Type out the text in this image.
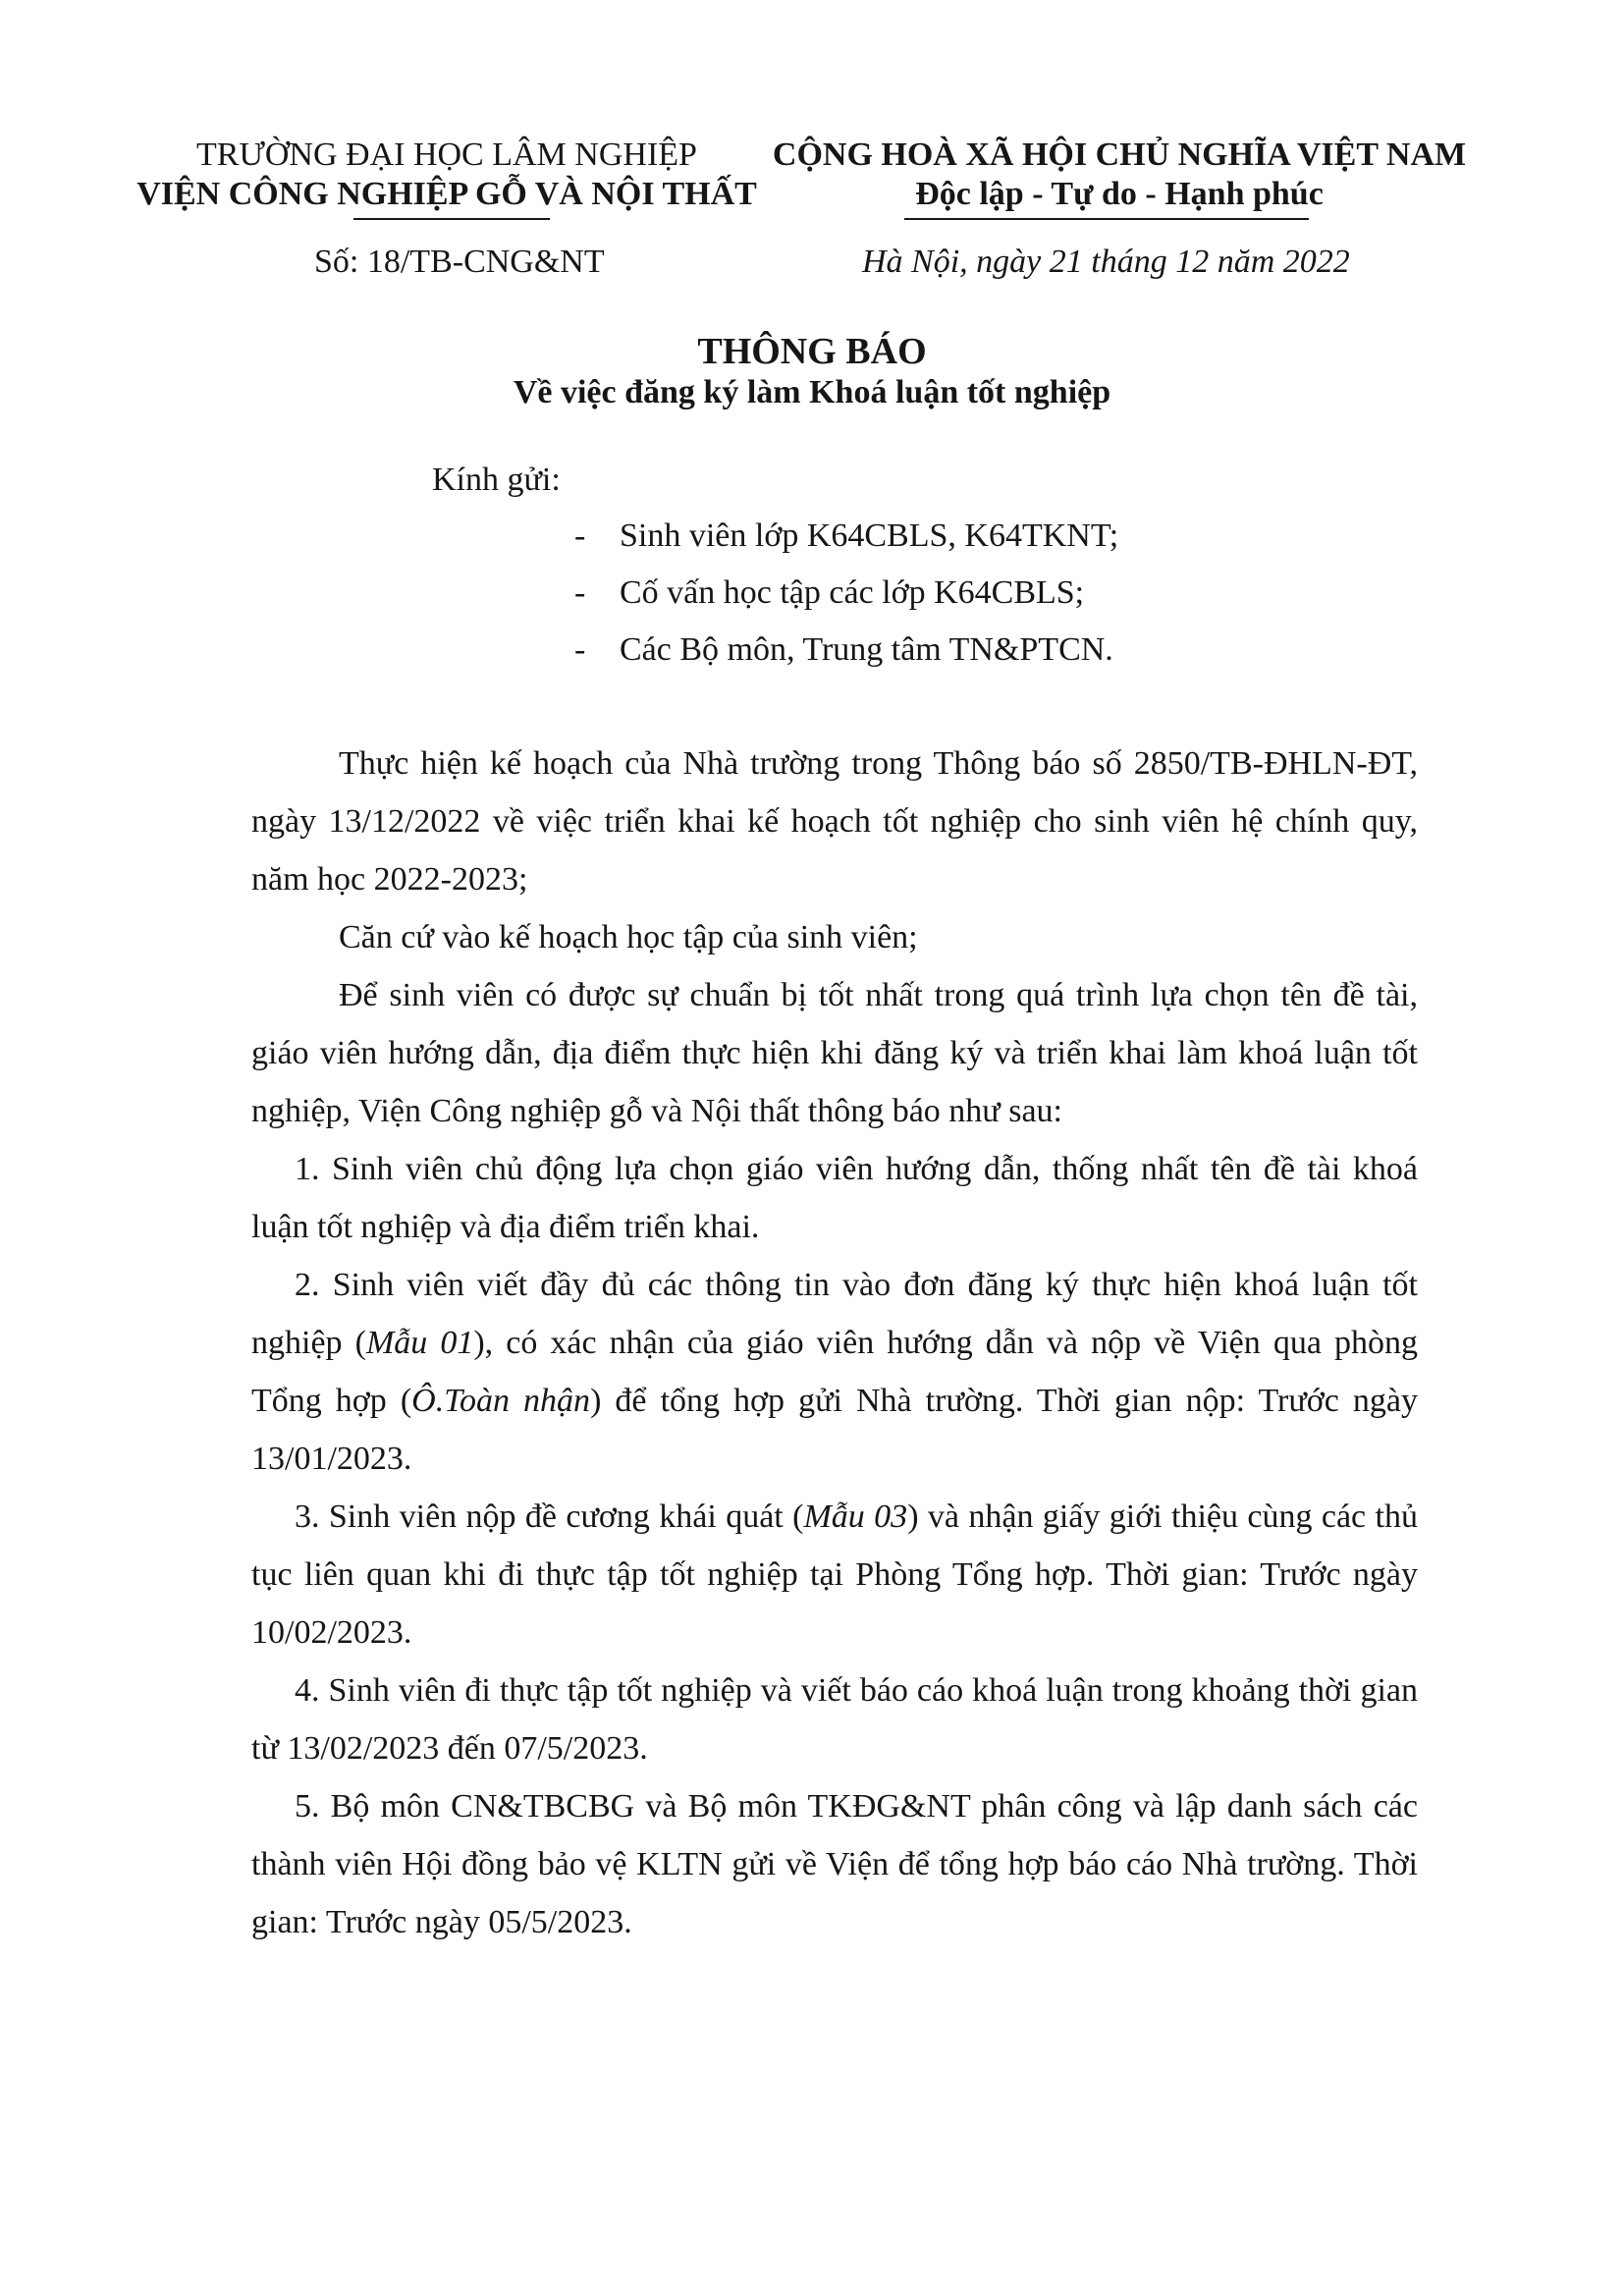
TRƯỜNG ĐẠI HỌC LÂM NGHIỆP
VIỆN CÔNG NGHIỆP GỖ VÀ NỘI THẤT
CỘNG HOÀ XÃ HỘI CHỦ NGHĨA VIỆT NAM
Độc lập - Tự do - Hạnh phúc
Số: 18/TB-CNG&NT	Hà Nội, ngày 21 tháng 12 năm 2022
THÔNG BÁO
Về việc đăng ký làm Khoá luận tốt nghiệp
Kính gửi:
- Sinh viên lớp K64CBLS, K64TKNT;
- Cố vấn học tập các lớp K64CBLS;
- Các Bộ môn, Trung tâm TN&PTCN.
Thực hiện kế hoạch của Nhà trường trong Thông báo số 2850/TB-ĐHLN-ĐT,
ngày 13/12/2022 về việc triển khai kế hoạch tốt nghiệp cho sinh viên hệ chính quy,
năm học 2022-2023;
Căn cứ vào kế hoạch học tập của sinh viên;
Để sinh viên có được sự chuẩn bị tốt nhất trong quá trình lựa chọn tên đề tài,
giáo viên hướng dẫn, địa điểm thực hiện khi đăng ký và triển khai làm khoá luận tốt
nghiệp, Viện Công nghiệp gỗ và Nội thất thông báo như sau:
1. Sinh viên chủ động lựa chọn giáo viên hướng dẫn, thống nhất tên đề tài khoá
luận tốt nghiệp và địa điểm triển khai.
2. Sinh viên viết đầy đủ các thông tin vào đơn đăng ký thực hiện khoá luận tốt
nghiệp (Mẫu 01), có xác nhận của giáo viên hướng dẫn và nộp về Viện qua phòng
Tổng hợp (Ô.Toàn nhận) để tổng hợp gửi Nhà trường. Thời gian nộp: Trước ngày
13/01/2023.
3. Sinh viên nộp đề cương khái quát (Mẫu 03) và nhận giấy giới thiệu cùng các thủ
tục liên quan khi đi thực tập tốt nghiệp tại Phòng Tổng hợp. Thời gian: Trước ngày
10/02/2023.
4. Sinh viên đi thực tập tốt nghiệp và viết báo cáo khoá luận trong khoảng thời gian
từ 13/02/2023 đến 07/5/2023.
5. Bộ môn CN&TBCBG và Bộ môn TKĐG&NT phân công và lập danh sách các
thành viên Hội đồng bảo vệ KLTN gửi về Viện để tổng hợp báo cáo Nhà trường. Thời
gian: Trước ngày 05/5/2023.
